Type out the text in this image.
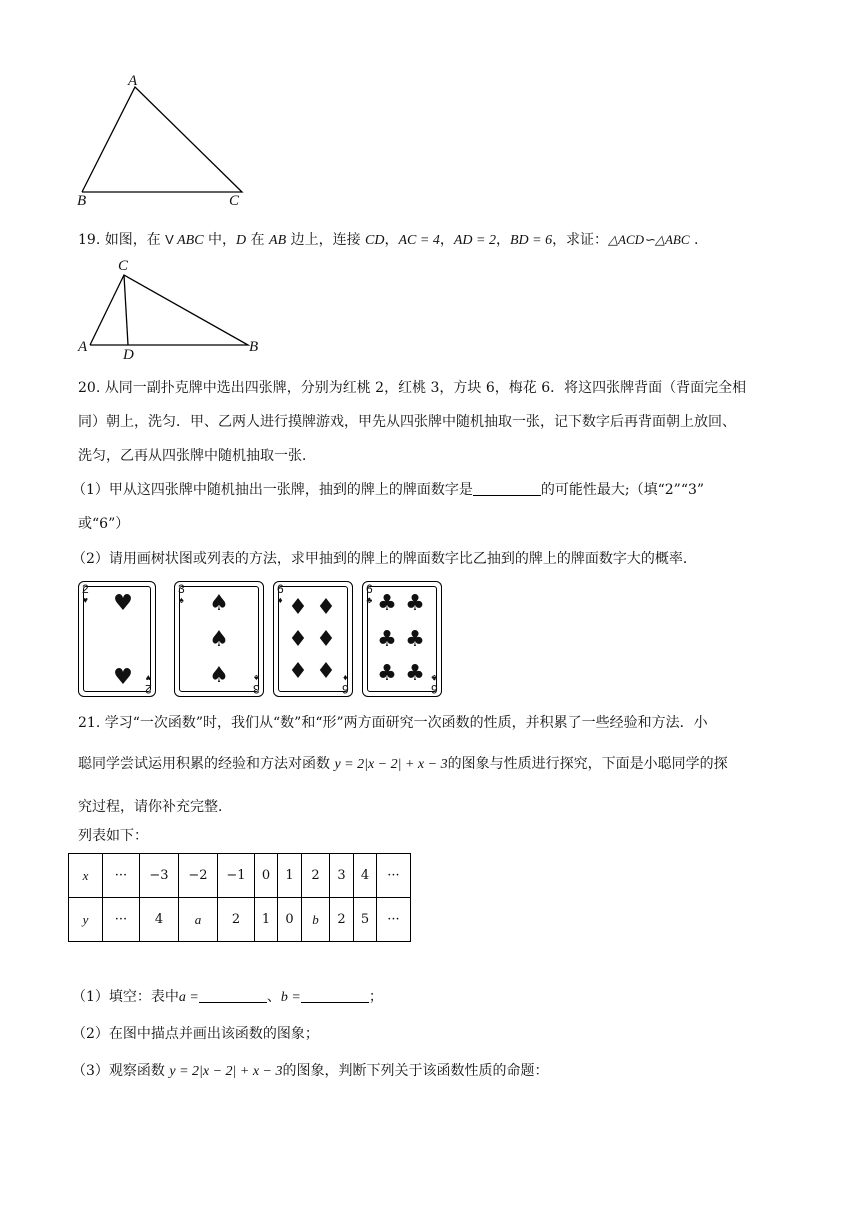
A
B	C
19. 如图，在 V ABC 中，D 在 AB 边上，连接 CD，AC = 4，AD = 2，BD = 6，求证：△ACD∽△ABC .
C
A D	B
20. 从同一副扑克牌中选出四张牌，分别为红桃 2，红桃 3，方块 6，梅花 6．将这四张牌背面（背面完全相
同）朝上，洗匀．甲、乙两人进行摸牌游戏，甲先从四张牌中随机抽取一张，记下数字后再背面朝上放回、
洗匀，乙再从四张牌中随机抽取一张．
（1）甲从这四张牌中随机抽出一张牌，抽到的牌上的牌面数字是	的可能性最大;（填“2”“3”
或“6”）
（2）请用画树状图或列表的方法，求甲抽到的牌上的牌面数字比乙抽到的牌上的牌面数字大的概率．
2
♥
2
♥
♥
♥
3
♠
3
♠
♠
♠
♠
6
♦
6
♦
♦ ♦
♦ ♦
♦ ♦
6
♣
6
♣
♣ ♣
♣ ♣
♣ ♣
21. 学习“一次函数”时，我们从“数”和“形”两方面研究一次函数的性质，并积累了一些经验和方法．小
聪同学尝试运用积累的经验和方法对函数 y = 2|x − 2| + x − 3的图象与性质进行探究，下面是小聪同学的探
究过程，请你补充完整．
列表如下：
x	···	−3	−2	−1	0	1	2	3	4	···
y	···	4	a	2	1	0	b	2	5	···
（1）填空：表中a =	、b =	；
（2）在图中描点并画出该函数的图象；
（3）观察函数 y = 2|x − 2| + x − 3的图象，判断下列关于该函数性质的命题：
